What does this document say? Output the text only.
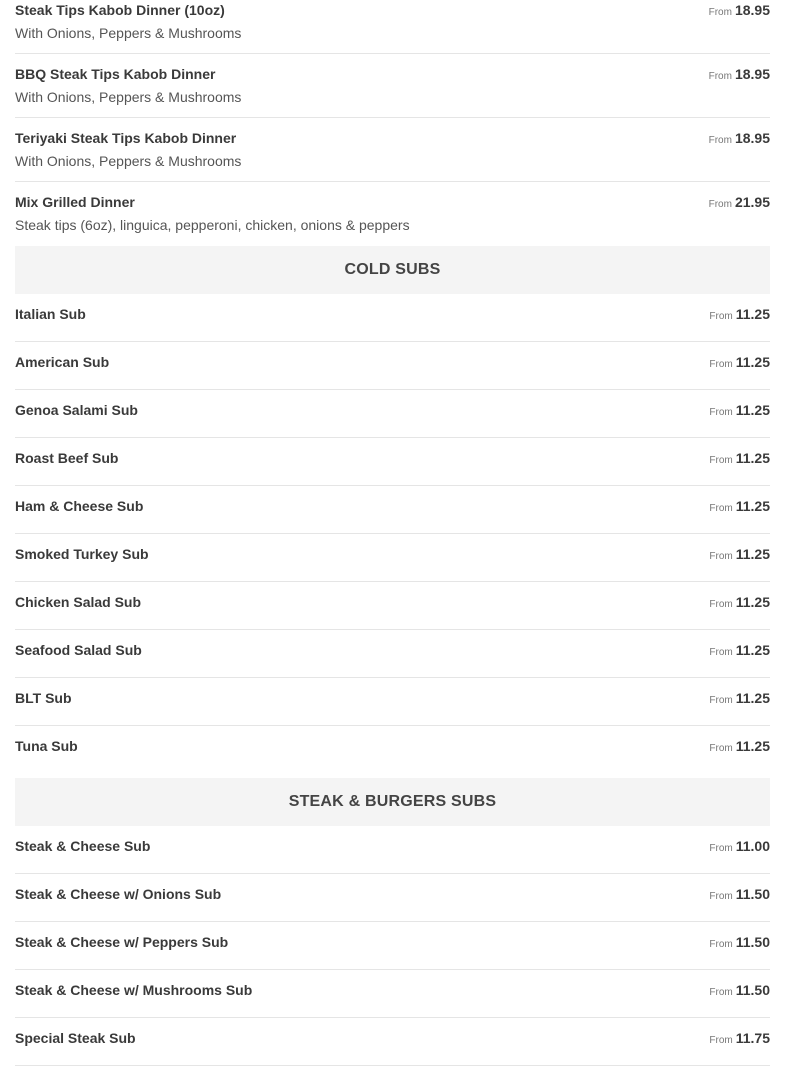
Steak Tips Kabob Dinner (10oz)
With Onions, Peppers & Mushrooms
From 18.95
BBQ Steak Tips Kabob Dinner
With Onions, Peppers & Mushrooms
From 18.95
Teriyaki Steak Tips Kabob Dinner
With Onions, Peppers & Mushrooms
From 18.95
Mix Grilled Dinner
Steak tips (6oz), linguica, pepperoni, chicken, onions & peppers
From 21.95
COLD SUBS
Italian Sub	From 11.25
American Sub	From 11.25
Genoa Salami Sub	From 11.25
Roast Beef Sub	From 11.25
Ham & Cheese Sub	From 11.25
Smoked Turkey Sub	From 11.25
Chicken Salad Sub	From 11.25
Seafood Salad Sub	From 11.25
BLT Sub	From 11.25
Tuna Sub	From 11.25
STEAK & BURGERS SUBS
Steak & Cheese Sub	From 11.00
Steak & Cheese w/ Onions Sub	From 11.50
Steak & Cheese w/ Peppers Sub	From 11.50
Steak & Cheese w/ Mushrooms Sub	From 11.50
Special Steak Sub	From 11.75
